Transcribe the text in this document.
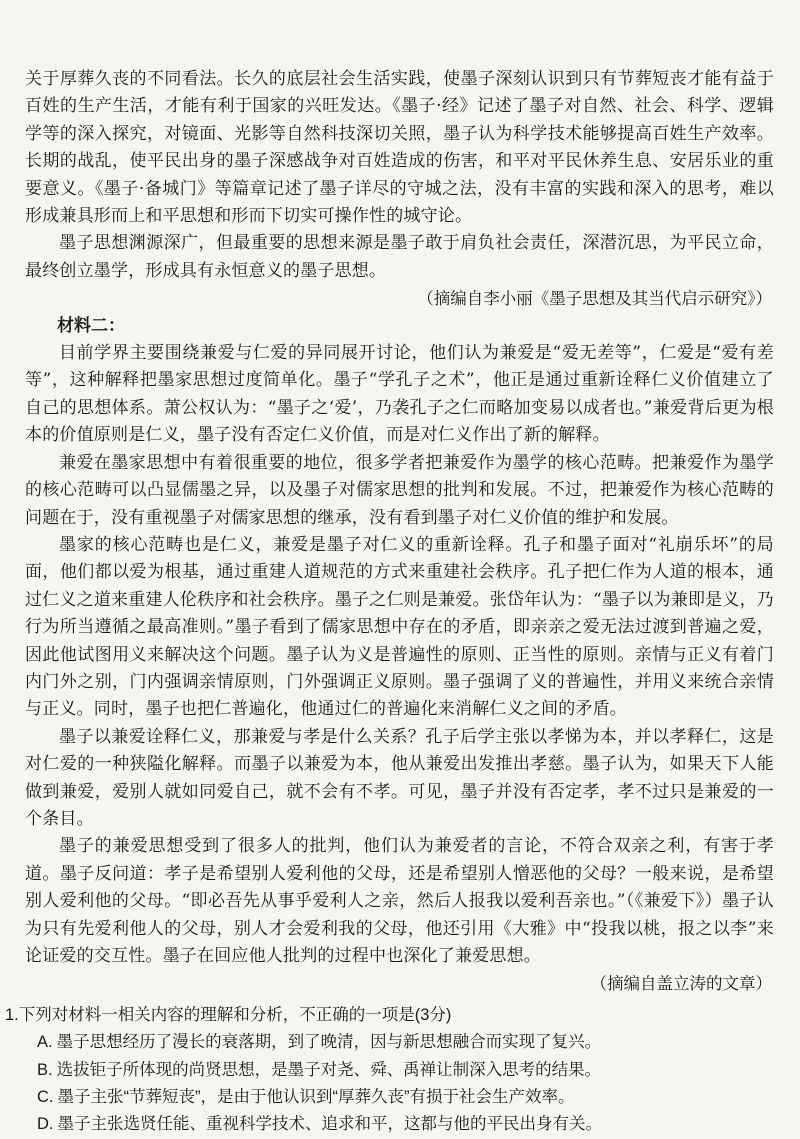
关于厚葬久丧的不同看法。长久的底层社会生活实践，使墨子深刻认识到只有节葬短丧才能有益于百姓的生产生活，才能有利于国家的兴旺发达。《墨子·经》记述了墨子对自然、社会、科学、逻辑学等的深入探究，对镜面、光影等自然科技深切关照，墨子认为科学技术能够提高百姓生产效率。长期的战乱，使平民出身的墨子深感战争对百姓造成的伤害，和平对平民休养生息、安居乐业的重要意义。《墨子·备城门》等篇章记述了墨子详尽的守城之法，没有丰富的实践和深入的思考，难以形成兼具形而上和平思想和形而下切实可操作性的城守论。

墨子思想渊源深广，但最重要的思想来源是墨子敢于肩负社会责任，深潜沉思，为平民立命，最终创立墨学，形成具有永恒意义的墨子思想。

（摘编自李小丽《墨子思想及其当代启示研究》）

材料二：

目前学界主要围绕兼爱与仁爱的异同展开讨论，他们认为兼爱是“爱无差等”，仁爱是“爱有差等”，这种解释把墨家思想过度简单化。墨子“学孔子之术”，他正是通过重新诠释仁义价值建立了自己的思想体系。萧公权认为：“墨子之‘爱’，乃袭孔子之仁而略加变易以成者也。”兼爱背后更为根本的价值原则是仁义，墨子没有否定仁义价值，而是对仁义作出了新的解释。

兼爱在墨家思想中有着很重要的地位，很多学者把兼爱作为墨学的核心范畴。把兼爱作为墨学的核心范畴可以凸显儒墨之异，以及墨子对儒家思想的批判和发展。不过，把兼爱作为核心范畴的问题在于，没有重视墨子对儒家思想的继承，没有看到墨子对仁义价值的维护和发展。

墨家的核心范畴也是仁义，兼爱是墨子对仁义的重新诠释。孔子和墨子面对“礼崩乐坏”的局面，他们都以爱为根基，通过重建人道规范的方式来重建社会秩序。孔子把仁作为人道的根本，通过仁义之道来重建人伦秩序和社会秩序。墨子之仁则是兼爱。张岱年认为：“墨子以为兼即是义，乃行为所当遵循之最高准则。”墨子看到了儒家思想中存在的矛盾，即亲亲之爱无法过渡到普遍之爱，因此他试图用义来解决这个问题。墨子认为义是普遍性的原则、正当性的原则。亲情与正义有着门内门外之别，门内强调亲情原则，门外强调正义原则。墨子强调了义的普遍性，并用义来统合亲情与正义。同时，墨子也把仁普遍化，他通过仁的普遍化来消解仁义之间的矛盾。

墨子以兼爱诠释仁义，那兼爱与孝是什么关系？孔子后学主张以孝悌为本，并以孝释仁，这是对仁爱的一种狭隘化解释。而墨子以兼爱为本，他从兼爱出发推出孝慈。墨子认为，如果天下人能做到兼爱，爱别人就如同爱自己，就不会有不孝。可见，墨子并没有否定孝，孝不过只是兼爱的一个条目。

墨子的兼爱思想受到了很多人的批判，他们认为兼爱者的言论，不符合双亲之利，有害于孝道。墨子反问道：孝子是希望别人爱利他的父母，还是希望别人憎恶他的父母？一般来说，是希望别人爱利他的父母。“即必吾先从事乎爱利人之亲，然后人报我以爱利吾亲也。”（《兼爱下》）墨子认为只有先爱利他人的父母，别人才会爱利我的父母，他还引用《大雅》中“投我以桃，报之以李”来论证爱的交互性。墨子在回应他人批判的过程中也深化了兼爱思想。

（摘编自盖立涛的文章）

1.下列对材料一相关内容的理解和分析，不正确的一项是(3分)

A. 墨子思想经历了漫长的衰落期，到了晚清，因与新思想融合而实现了复兴。
B. 选拔钜子所体现的尚贤思想，是墨子对尧、舜、禹禅让制深入思考的结果。
C. 墨子主张“节葬短丧”，是由于他认识到“厚葬久丧”有损于社会生产效率。
D. 墨子主张选贤任能、重视科学技术、追求和平，这都与他的平民出身有关。
